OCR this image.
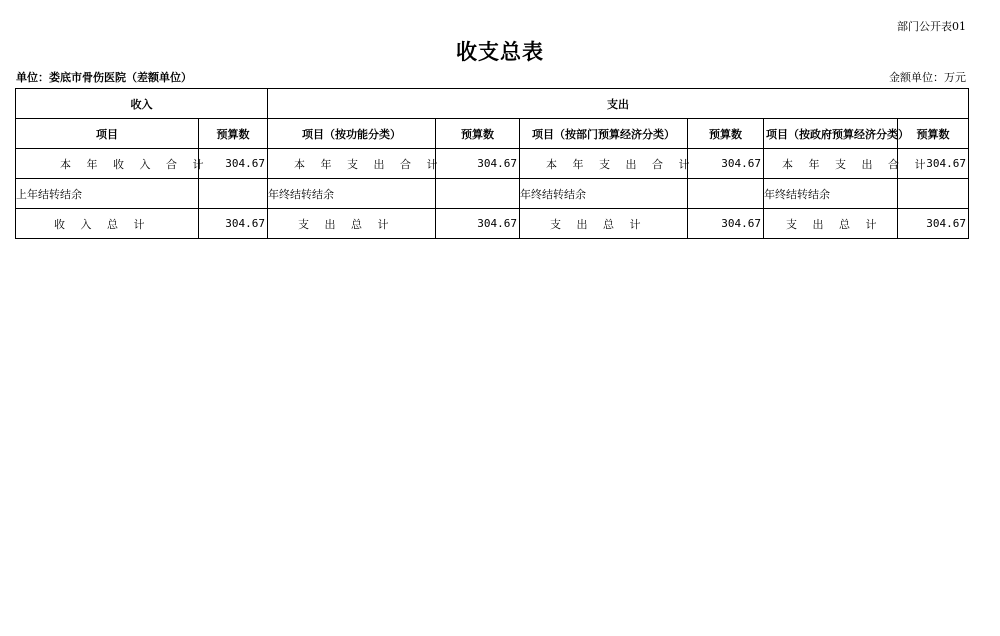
部门公开表01
收支总表
单位：娄底市骨伤医院（差额单位）	金额单位：万元
收入		支出					
项目	预算数	项目（按功能分类）	预算数	项目（按部门预算经济分类）	预算数	项目（按政府预算经济分类）	预算数
本 年 收 入 合 计	304.67	本 年 支 出 合 计	304.67	本 年 支 出 合 计	304.67	本 年 支 出 合 计	304.67
上年结转结余		年终结转结余		年终结转结余		年终结转结余	
收 入 总 计	304.67	支 出 总 计	304.67	支 出 总 计	304.67	支 出 总 计	304.67
